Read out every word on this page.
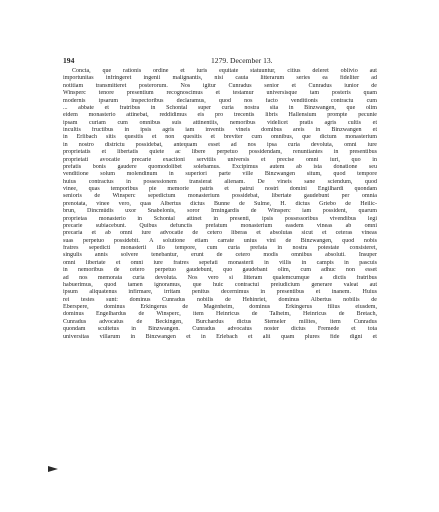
194	1279. December 13.
Concta, que rationis ordine et iuris equitate statuuntur, citius deleret oblivio aut
importunitas infringeret ingenii malignantis, nisi cauta litterarum series ea fideliter ad
notitiam transmitteret posterorum. Nos igitur Cunradus senior et Cunradus iunior de
Winsperc tenore presentium recognoscimus et testamur universisque tam posteris quam
modernis ipsarum inspectoribus declaramus, quod nos facto venditionis contractu cum
... abbate et fratribus in Schontal super curia nostra sita in Binzwangen, que olim
eidem monasterio attinebat, reddidimus eis pro trecentis libris Hallensium prompte pecunie
ipsam curiam cum omnibus suis attinentiis, nemoribus videlicet pratis agris cultis et
incultis fructibus in ipsis agris iam inventis vineis domibus areis in Binzwangen et
in Erlibach sitis quesitis et non quesitis et breviter cum omnibus, que dictum monasterium
in nostro districtu possidebat, antequam esset ad nos ipsa curia devoluta, omni iure
proprietatis et libertatis quiete ac libere perpetuo possidendam, renuntiantes in presentibus
proprietati avocatie precarie exactioni servitiis universis et precise omni iuri, quo in
prefatis bonis gaudere quomodolibet solebamus. Excipimus autem ab ista donatione seu
venditione solum molendinum in superiori parte ville Binzwangen situm, quod tempore
huius contractus in possessionem transierat alienam. De vineis sane sciendum, quod
vinee, quas temporibus pie memorie patris et patrui nostri domini Engilhardi quondam
senioris de Winsperc sepedictum monasterium possidebat, libertate gaudebunt per omnia
prenotata, vinee vero, quas Albertus dictus Bunne de Sulme, H. dictus Griebo de Heilic-
brun, Dincmûdis uxor Snabelonis, soror Irmingardis de Winsperc iam possident, quarum
proprietas monasterio in Schontal attinet in presenti, ipsis possessoribus vivendibus legi
precarie subiacebunt. Quibus defunctis prefatum monasterium easdem vineas ab omni
precaria et ab omni iure advocatie de cetero liberas et absolutas sicut et ceteras vineas
suas perpetuo possidebit. A solutione etiam carrate unius vini de Binzwangen, quod nobis
fratres sepedicti monasterii illo tempore, cum curia prefata in nostra potestate consisteret,
singulis annis solvere tenebantur, erunt de cetero modis omnibus absoluti. Insuper
omni libertate et omni iure fratres sepefati monasterii in villis in campis in pascuis
in nemoribus de cetero perpetuo gaudebunt, quo gaudebant olim, cum adhuc non esset
ad nos memorata curia devoluta. Nos vero si litteram qualemcumque a dictis fratribus
habuerimus, quod tamen ignoramus, que huic contractui preiudicium generare valeat aut
ipsum aliquatenus infirmare, irritam penitus decernimus in presentibus et inanem. Huius
rei testes sunt: dominus Cunradus nobilis de Hehinriet, dominus Albertus nobilis de
Eberspere, dominus Erkingerus de Magénheim, dominus Erkingerus filius eiusdem,
dominus Engelhardus de Winsperc, item Heinricus de Talheim, Heinricus de Bretach,
Cunradus advocatus de Beckingen, Burchardus dictus Stemeler milites, item Cunradus
quondam scultetus in Binzwangen. Cunradus advocatus noster dictus Fremede et tota
universitas villarum in Binzwangen et in Erlebach et alii quam plures fide digni et
